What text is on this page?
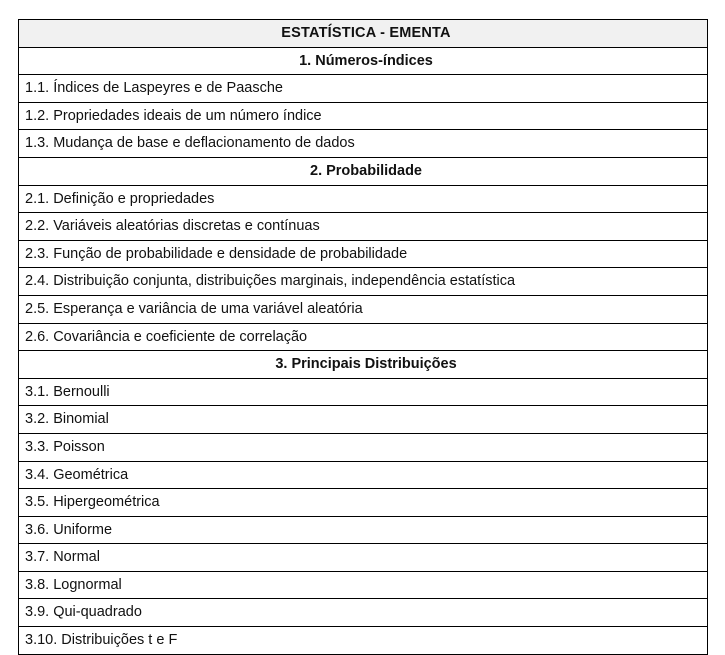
ESTATÍSTICA - EMENTA
1. Números-índices
1.1. Índices de Laspeyres e de Paasche
1.2. Propriedades ideais de um número índice
1.3. Mudança de base e deflacionamento de dados
2. Probabilidade
2.1. Definição e propriedades
2.2. Variáveis aleatórias discretas e contínuas
2.3. Função de probabilidade e densidade de probabilidade
2.4. Distribuição conjunta, distribuições marginais, independência estatística
2.5. Esperança e variância de uma variável aleatória
2.6. Covariância e coeficiente de correlação
3. Principais Distribuições
3.1. Bernoulli
3.2. Binomial
3.3. Poisson
3.4. Geométrica
3.5. Hipergeométrica
3.6. Uniforme
3.7. Normal
3.8. Lognormal
3.9. Qui-quadrado
3.10. Distribuições t e F
